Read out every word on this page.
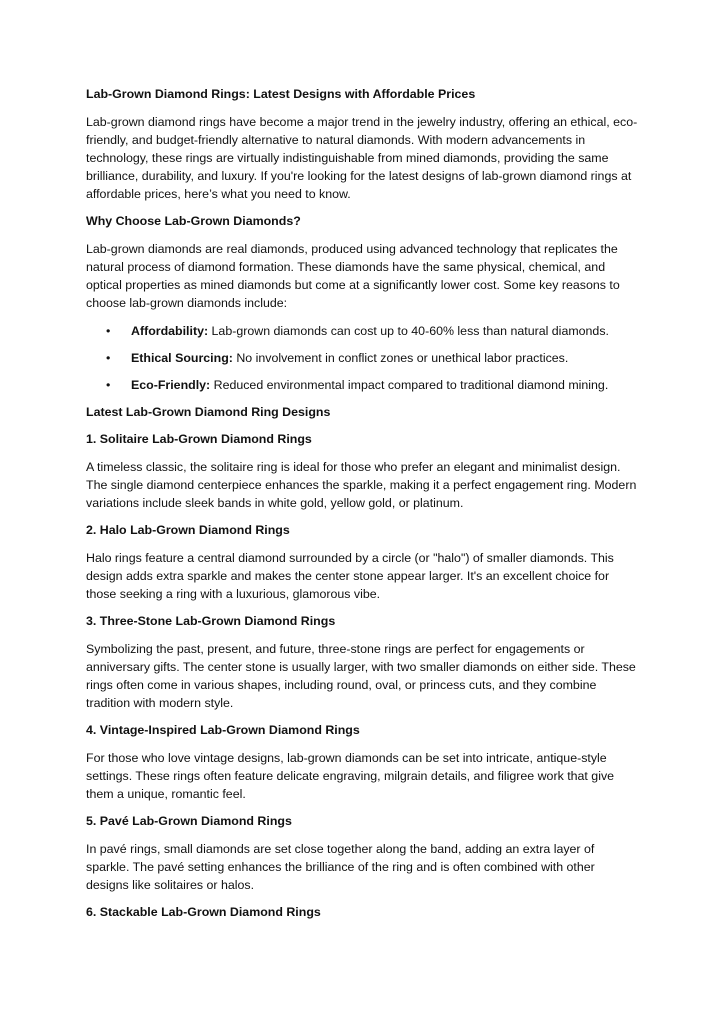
Lab-Grown Diamond Rings: Latest Designs with Affordable Prices

Lab-grown diamond rings have become a major trend in the jewelry industry, offering an ethical, eco-friendly, and budget-friendly alternative to natural diamonds. With modern advancements in technology, these rings are virtually indistinguishable from mined diamonds, providing the same brilliance, durability, and luxury. If you're looking for the latest designs of lab-grown diamond rings at affordable prices, here’s what you need to know.

Why Choose Lab-Grown Diamonds?

Lab-grown diamonds are real diamonds, produced using advanced technology that replicates the natural process of diamond formation. These diamonds have the same physical, chemical, and optical properties as mined diamonds but come at a significantly lower cost. Some key reasons to choose lab-grown diamonds include:

• Affordability: Lab-grown diamonds can cost up to 40-60% less than natural diamonds.
• Ethical Sourcing: No involvement in conflict zones or unethical labor practices.
• Eco-Friendly: Reduced environmental impact compared to traditional diamond mining.
Latest Lab-Grown Diamond Ring Designs
1. Solitaire Lab-Grown Diamond Rings

A timeless classic, the solitaire ring is ideal for those who prefer an elegant and minimalist design. The single diamond centerpiece enhances the sparkle, making it a perfect engagement ring. Modern variations include sleek bands in white gold, yellow gold, or platinum.

2. Halo Lab-Grown Diamond Rings

Halo rings feature a central diamond surrounded by a circle (or "halo") of smaller diamonds. This design adds extra sparkle and makes the center stone appear larger. It's an excellent choice for those seeking a ring with a luxurious, glamorous vibe.

3. Three-Stone Lab-Grown Diamond Rings

Symbolizing the past, present, and future, three-stone rings are perfect for engagements or anniversary gifts. The center stone is usually larger, with two smaller diamonds on either side. These rings often come in various shapes, including round, oval, or princess cuts, and they combine tradition with modern style.

4. Vintage-Inspired Lab-Grown Diamond Rings

For those who love vintage designs, lab-grown diamonds can be set into intricate, antique-style settings. These rings often feature delicate engraving, milgrain details, and filigree work that give them a unique, romantic feel.

5. Pavé Lab-Grown Diamond Rings

In pavé rings, small diamonds are set close together along the band, adding an extra layer of sparkle. The pavé setting enhances the brilliance of the ring and is often combined with other designs like solitaires or halos.

6. Stackable Lab-Grown Diamond Rings
